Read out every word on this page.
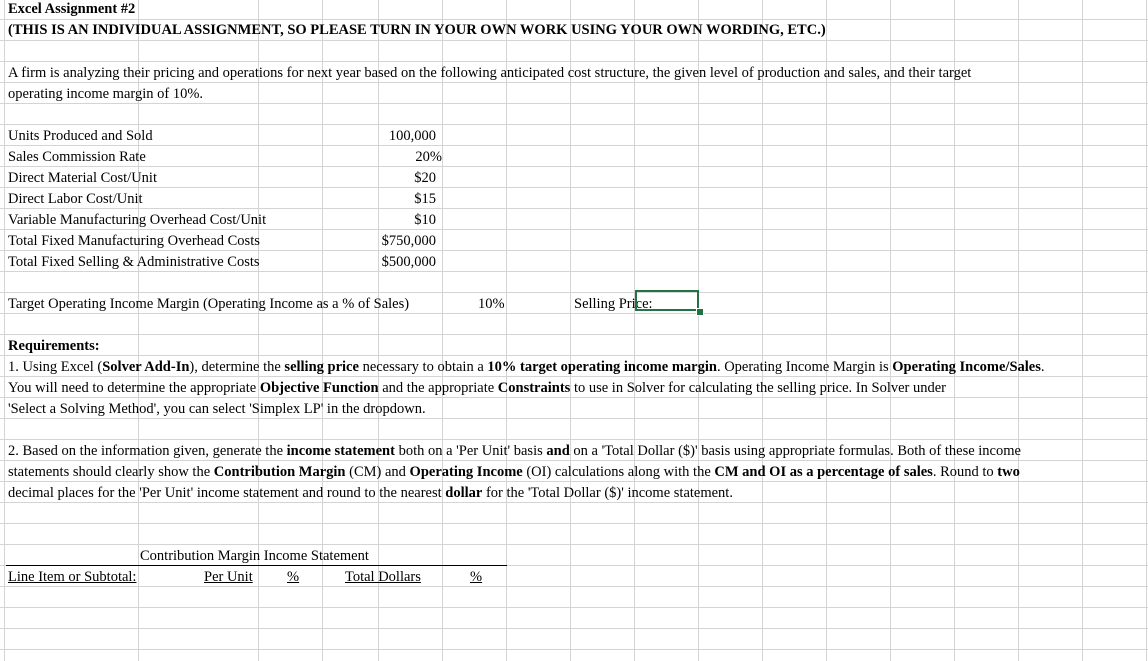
Excel Assignment #2
(THIS IS AN INDIVIDUAL ASSIGNMENT, SO PLEASE TURN IN YOUR OWN WORK USING YOUR OWN WORDING, ETC.)
A firm is analyzing their pricing and operations for next year based on the following anticipated cost structure, the given level of production and sales, and their target
operating income margin of 10%.
Units Produced and Sold	100,000
Sales Commission Rate	20%
Direct Material Cost/Unit	$20
Direct Labor Cost/Unit	$15
Variable Manufacturing Overhead Cost/Unit	$10
Total Fixed Manufacturing Overhead Costs	$750,000
Total Fixed Selling & Administrative Costs	$500,000
Target Operating Income Margin (Operating Income as a % of Sales)	10%	Selling Price:
Requirements:
1. Using Excel (Solver Add-In), determine the selling price necessary to obtain a 10% target operating income margin. Operating Income Margin is Operating Income/Sales.
You will need to determine the appropriate Objective Function and the appropriate Constraints to use in Solver for calculating the selling price. In Solver under
'Select a Solving Method', you can select 'Simplex LP' in the dropdown.
2. Based on the information given, generate the income statement both on a 'Per Unit' basis and on a 'Total Dollar ($)' basis using appropriate formulas. Both of these income
statements should clearly show the Contribution Margin (CM) and Operating Income (OI) calculations along with the CM and OI as a percentage of sales. Round to two
decimal places for the 'Per Unit' income statement and round to the nearest dollar for the 'Total Dollar ($)' income statement.
Contribution Margin Income Statement
Line Item or Subtotal:	Per Unit %	Total Dollars	%
